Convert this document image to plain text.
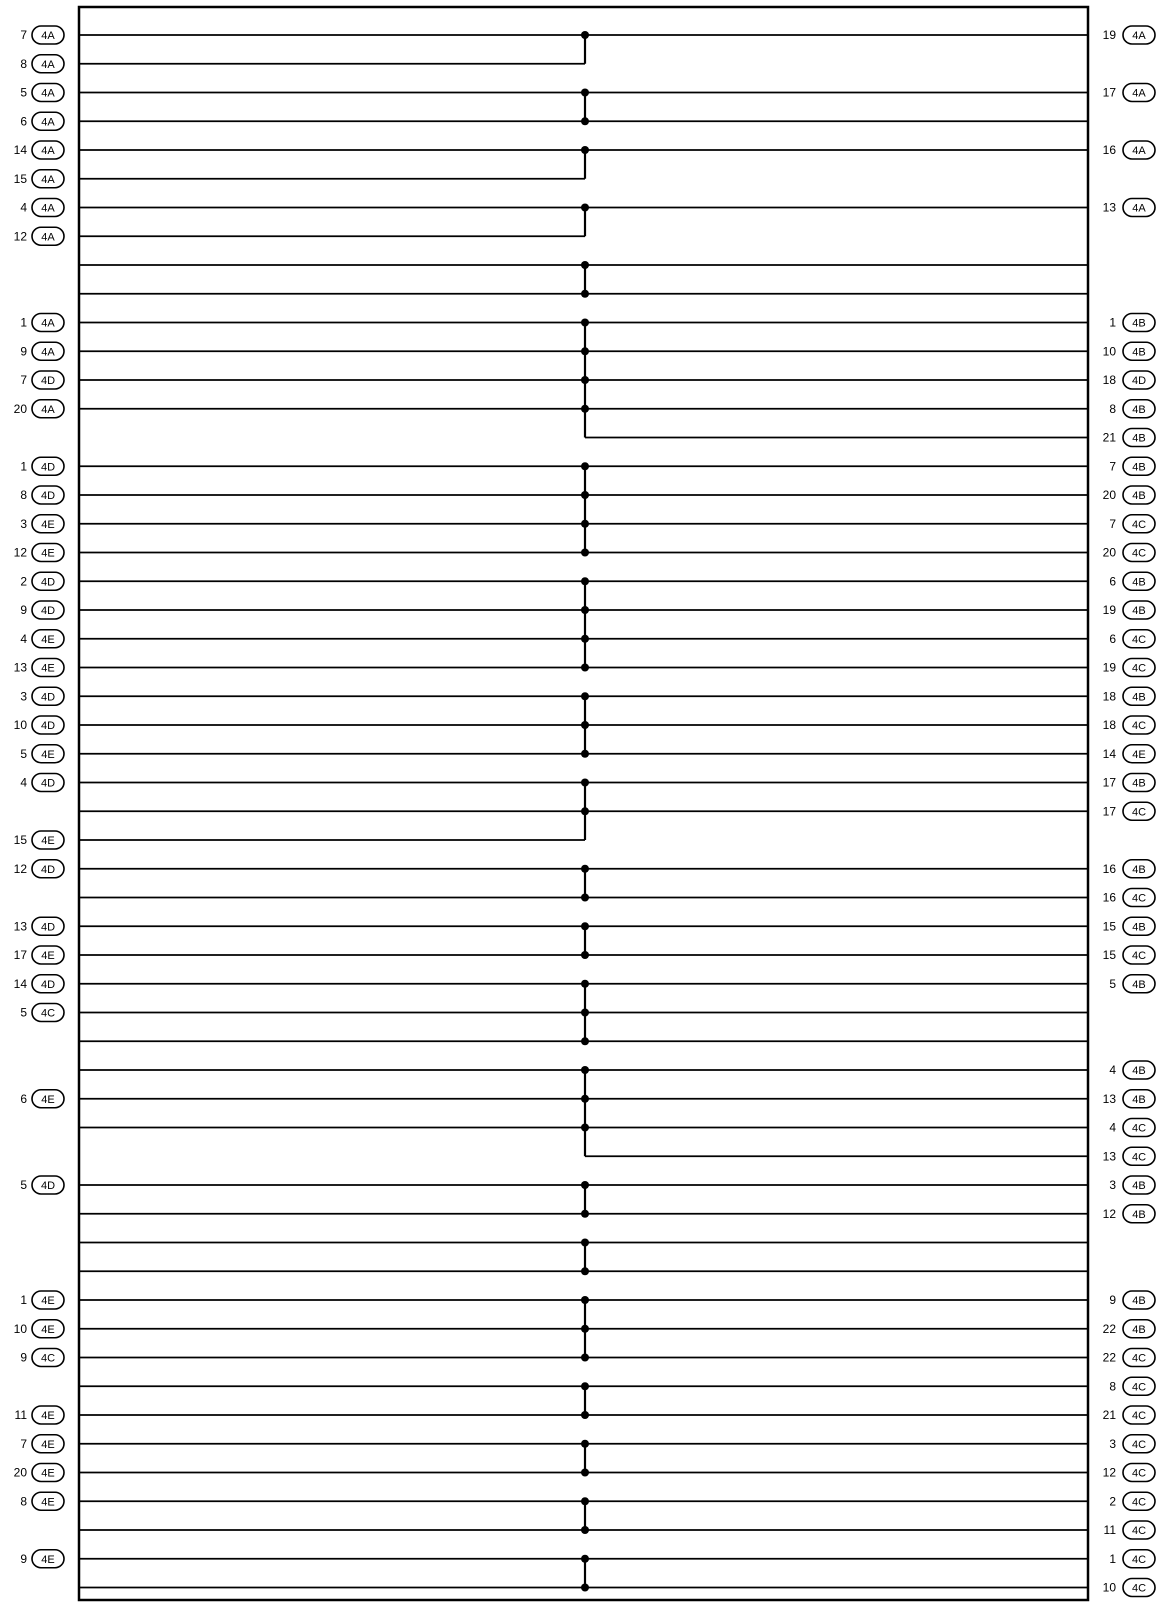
7 4A
8 4A
5 4A
6 4A
14 4A
15 4A
4 4A
12 4A
1 4A
9 4A
7 4D
20 4A
1 4D
8 4D
3 4E
12 4E
2 4D
9 4D
4 4E
13 4E
3 4D
10 4D
5 4E
4 4D
15 4E
12 4D
13 4D
17 4E
14 4D
5 4C
6 4E
5 4D
1 4E
10 4E
9 4C
11 4E
7 4E
20 4E
8 4E
9 4E
19 4A
17 4A
16 4A
13 4A
1 4B
10 4B
18 4D
8 4B
21 4B
7 4B
20 4B
7 4C
20 4C
6 4B
19 4B
6 4C
19 4C
18 4B
18 4C
14 4E
17 4B
17 4C
16 4B
16 4C
15 4B
15 4C
5 4B
4 4B
13 4B
4 4C
13 4C
3 4B
12 4B
9 4B
22 4B
22 4C
8 4C
21 4C
3 4C
12 4C
2 4C
11 4C
1 4C
10 4C
